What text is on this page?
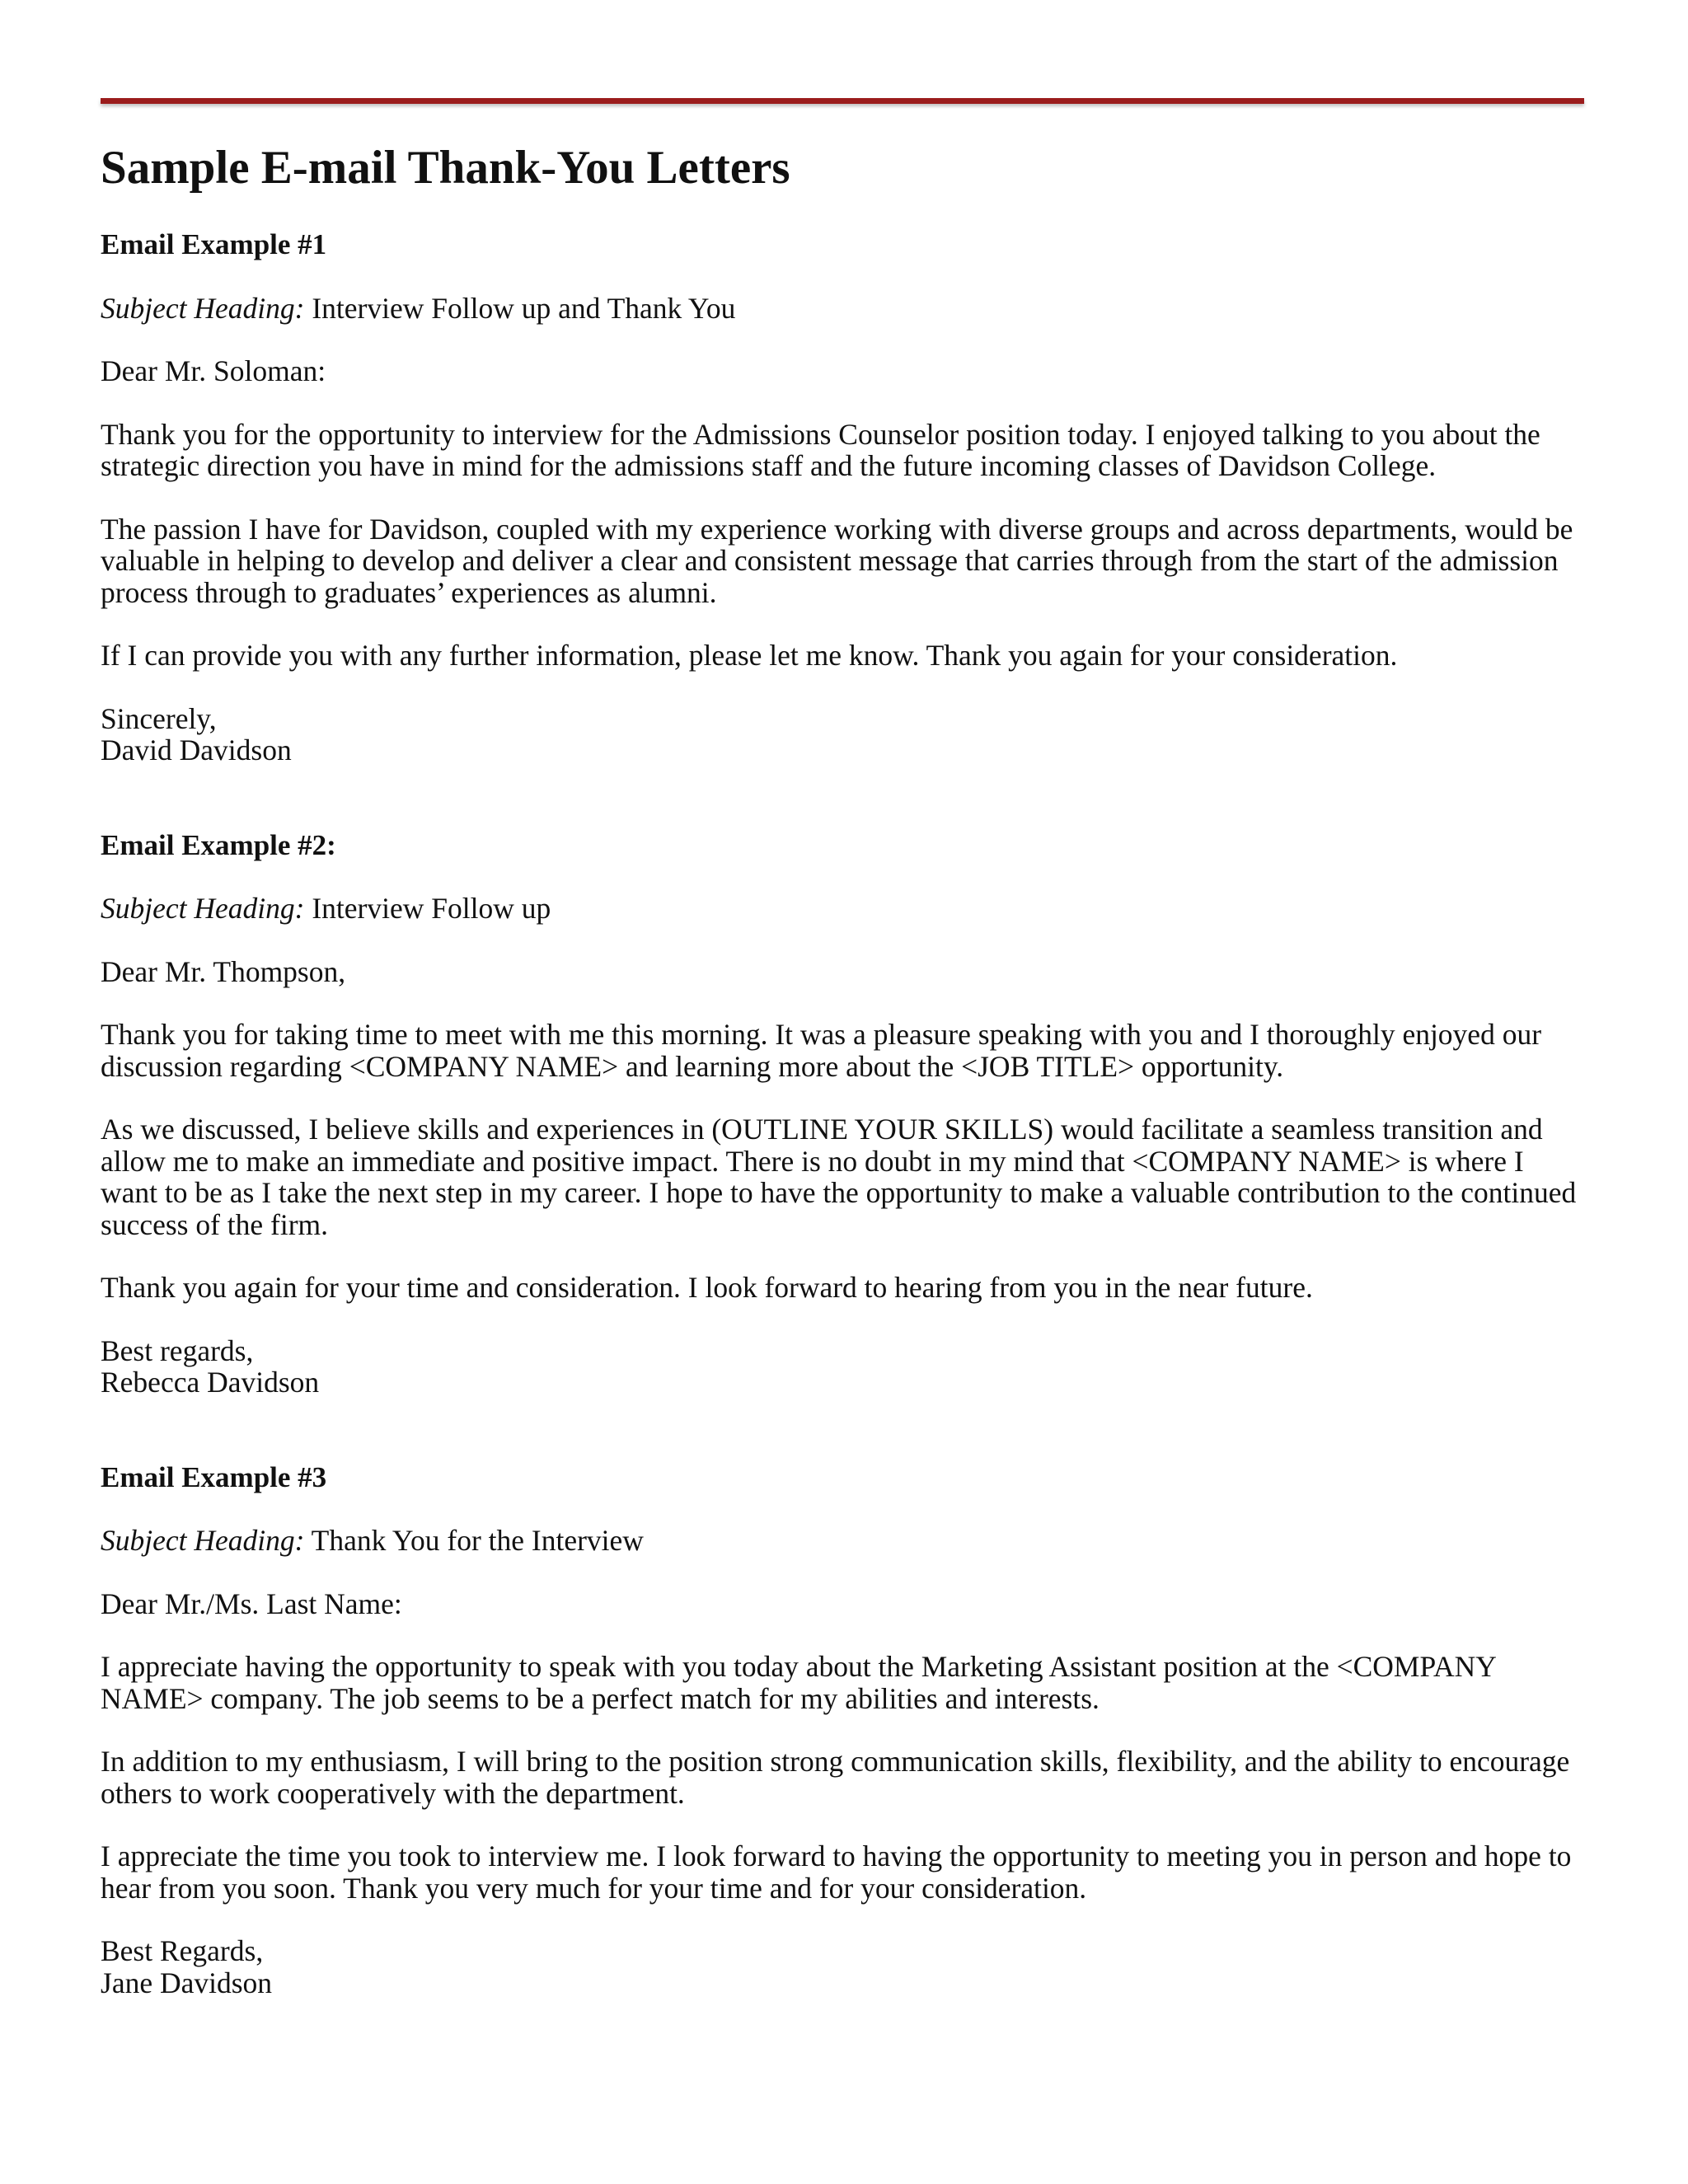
Sample E-mail Thank-You Letters

Email Example #1

Subject Heading: Interview Follow up and Thank You

Dear Mr. Soloman:

Thank you for the opportunity to interview for the Admissions Counselor position today. I enjoyed talking to you about the strategic direction you have in mind for the admissions staff and the future incoming classes of Davidson College.

The passion I have for Davidson, coupled with my experience working with diverse groups and across departments, would be valuable in helping to develop and deliver a clear and consistent message that carries through from the start of the admission process through to graduates’ experiences as alumni.

If I can provide you with any further information, please let me know. Thank you again for your consideration.

Sincerely,

David Davidson

Email Example #2:

Subject Heading: Interview Follow up

Dear Mr. Thompson,

Thank you for taking time to meet with me this morning. It was a pleasure speaking with you and I thoroughly enjoyed our discussion regarding <COMPANY NAME> and learning more about the <JOB TITLE> opportunity.

As we discussed, I believe skills and experiences in (OUTLINE YOUR SKILLS) would facilitate a seamless transition and allow me to make an immediate and positive impact. There is no doubt in my mind that <COMPANY NAME> is where I want to be as I take the next step in my career. I hope to have the opportunity to make a valuable contribution to the continued success of the firm.

Thank you again for your time and consideration. I look forward to hearing from you in the near future.

Best regards,

Rebecca Davidson

Email Example #3

Subject Heading: Thank You for the Interview

Dear Mr./Ms. Last Name:

I appreciate having the opportunity to speak with you today about the Marketing Assistant position at the <COMPANY NAME> company. The job seems to be a perfect match for my abilities and interests.

In addition to my enthusiasm, I will bring to the position strong communication skills, flexibility, and the ability to encourage others to work cooperatively with the department.

I appreciate the time you took to interview me. I look forward to having the opportunity to meeting you in person and hope to hear from you soon. Thank you very much for your time and for your consideration.

Best Regards,

Jane Davidson
